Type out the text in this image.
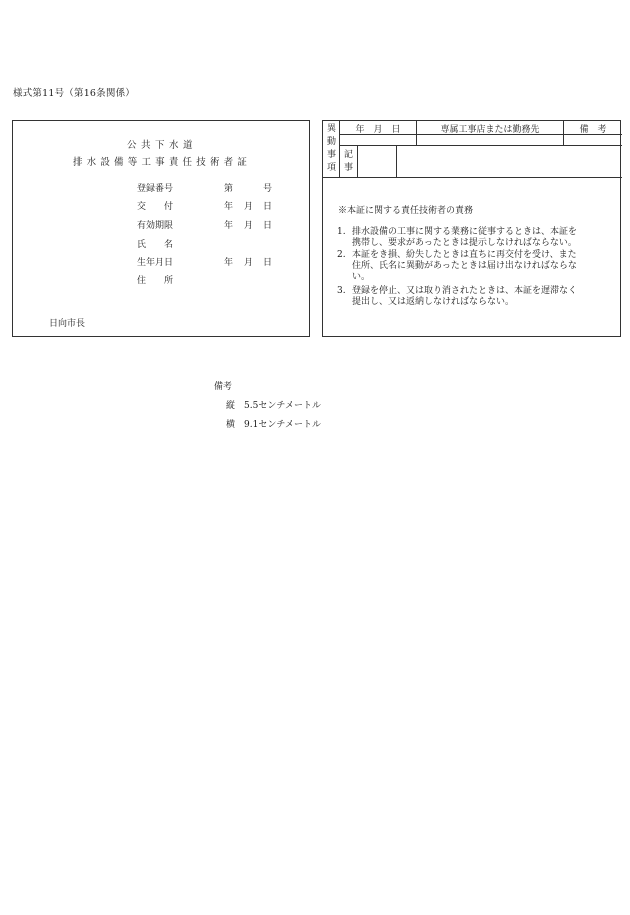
様式第11号（第16条関係）
公共下水道
排水設備等工事責任技術者証
登録番号	第	号
交　　付	年 月 日
有効期限	年 月 日
氏　　名
生年月日	年 月 日
住　　所
日向市長
異
動
事
項
記
事
年　月　日	専属工事店または勤務先	備　考
※本証に関する責任技術者の責務
1. 排水設備の工事に関する業務に従事するときは、本証を
携帯し、要求があったときは提示しなければならない。
2. 本証をき損、紛失したときは直ちに再交付を受け、また
住所、氏名に異動があったときは届け出なければならな
い。
3. 登録を停止、又は取り消されたときは、本証を遅滞なく
提出し、又は返納しなければならない。
備考
縦　5.5センチメートル
横　9.1センチメートル
